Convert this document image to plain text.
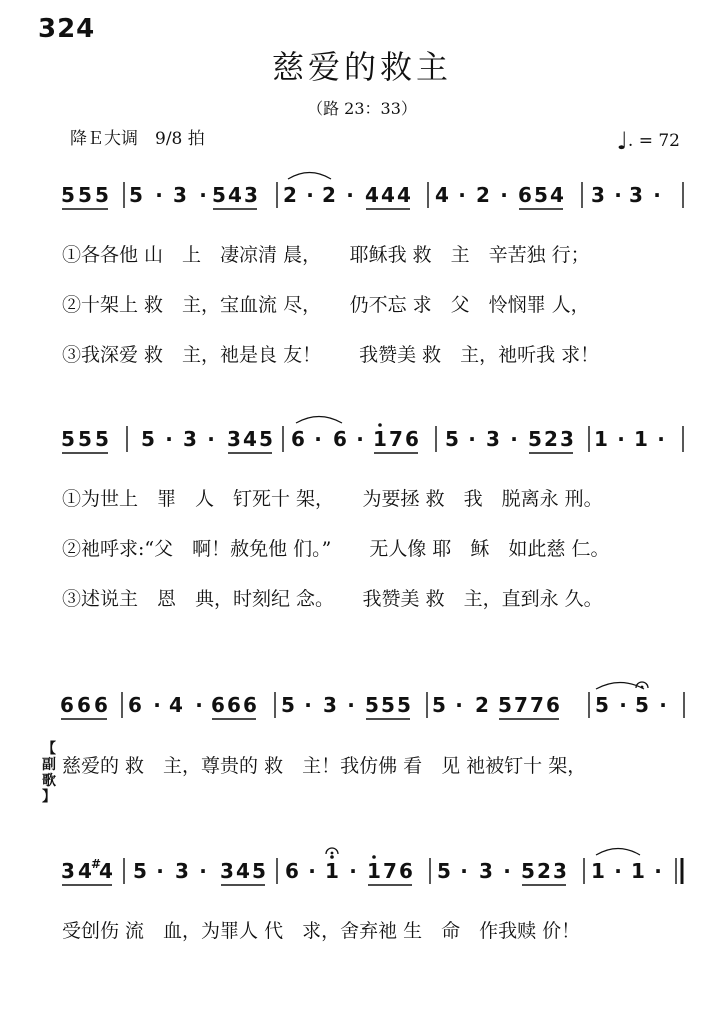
324
慈爱的救主
（路 23：33）
降Ｅ大调　9/8 拍	♩. = 72
5 5 5 5 · 3 · 5 4 3 2 · 2 · 4 4 4 4 · 2 · 6 5 4 3 · 3 ·
5 5 5 5 · 3 · 3 4 5 6 · 6 · 1 7 6 5 · 3 · 5 2 3 1 · 1 ·
6 6 6 6 · 4 · 6 6 6 5 · 3 · 5 5 5 5 · 2 5 7 7 6 5 · 5 ·
3 4 #
4 5 · 3 · 3 4 5 6 · 1 · 1 7 6 5 · 3 · 5 2 3 1 · 1 ·
①各各他 山　上　凄凉清 晨，　　耶稣我 救　主　辛苦独 行；
②十架上 救　主，宝血流 尽，　　仍不忘 求　父　怜悯罪 人，
③我深爱 救　主，祂是良 友！　　我赞美 救　主，祂听我 求！
①为世上　罪　人　钉死十 架，　　为要拯 救　我　脱离永 刑。
②祂呼求:“父　啊！赦免他 们。”　　无人像 耶　稣　如此慈 仁。
③述说主　恩　典，时刻纪 念。　　我赞美 救　主，直到永 久。
【
副
歌
】
慈爱的 救　主，尊贵的 救　主！我仿佛 看　见 祂被钉十 架，
受创伤 流　血，为罪人 代　求，舍弃祂 生　命　作我赎 价！
